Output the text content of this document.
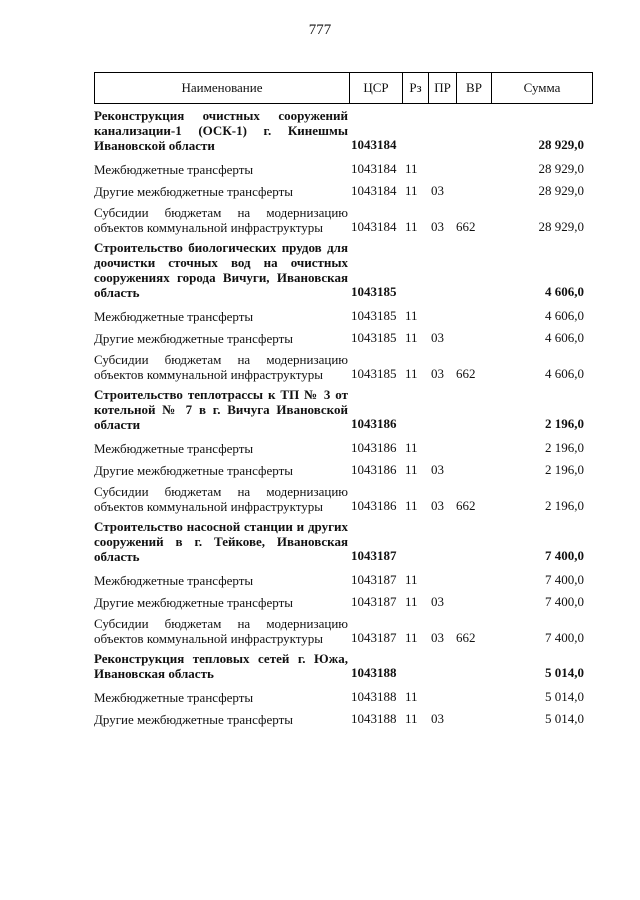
777
Наименование	ЦСР	Рз	ПР	ВР	Сумма
Реконструкция очистных сооружений канализации-1 (ОСК-1) г. Кинешмы Ивановской области	1043184				28 929,0
Межбюджетные трансферты	1043184	11			28 929,0
Другие межбюджетные трансферты	1043184	11	03		28 929,0
Субсидии бюджетам на модернизацию объектов коммунальной инфраструктуры	1043184	11	03	662	28 929,0
Строительство биологических прудов для доочистки сточных вод на очистных сооружениях города Вичуги, Ивановская область	1043185				4 606,0
Межбюджетные трансферты	1043185	11			4 606,0
Другие межбюджетные трансферты	1043185	11	03		4 606,0
Субсидии бюджетам на модернизацию объектов коммунальной инфраструктуры	1043185	11	03	662	4 606,0
Строительство теплотрассы к ТП № 3 от котельной № 7 в г. Вичуга Ивановской области	1043186				2 196,0
Межбюджетные трансферты	1043186	11			2 196,0
Другие межбюджетные трансферты	1043186	11	03		2 196,0
Субсидии бюджетам на модернизацию объектов коммунальной инфраструктуры	1043186	11	03	662	2 196,0
Строительство насосной станции и других сооружений в г. Тейкове, Ивановская область	1043187				7 400,0
Межбюджетные трансферты	1043187	11			7 400,0
Другие межбюджетные трансферты	1043187	11	03		7 400,0
Субсидии бюджетам на модернизацию объектов коммунальной инфраструктуры	1043187	11	03	662	7 400,0
Реконструкция тепловых сетей г. Южа, Ивановская область	1043188				5 014,0
Межбюджетные трансферты	1043188	11			5 014,0
Другие межбюджетные трансферты	1043188	11	03		5 014,0
